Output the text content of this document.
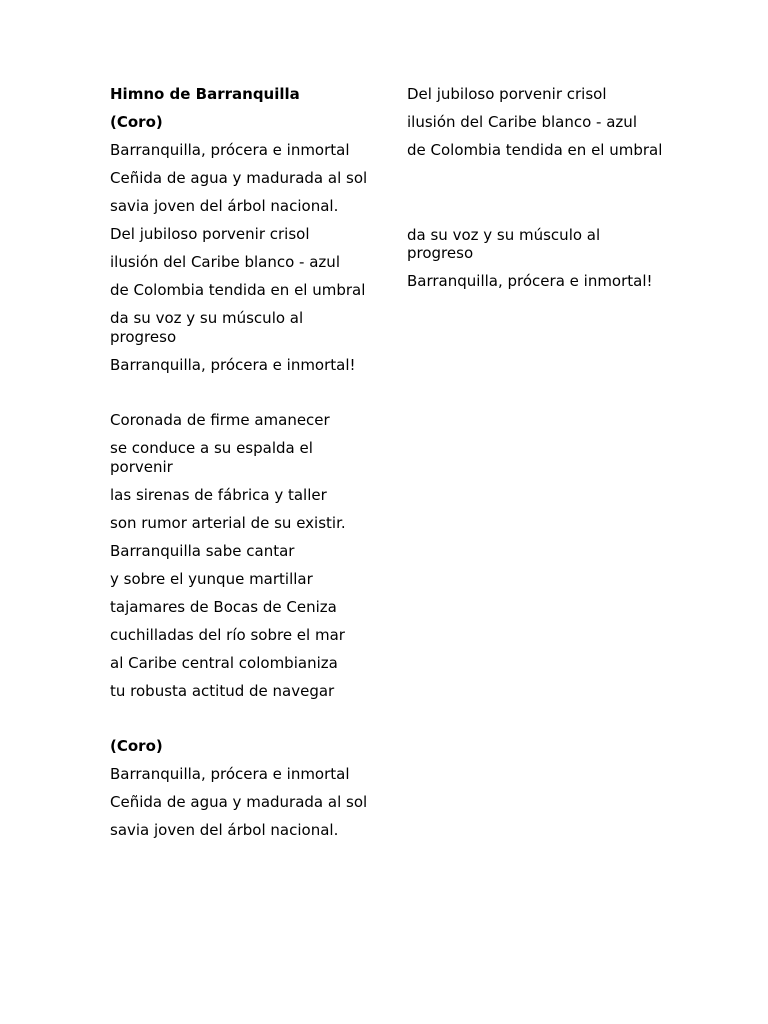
Himno de Barranquilla
(Coro)
Barranquilla, prócera e inmortal
Ceñida de agua y madurada al sol
savia joven del árbol nacional.
Del jubiloso porvenir crisol
ilusión del Caribe blanco - azul
de Colombia tendida en el umbral
da su voz y su músculo al progreso
Barranquilla, prócera e inmortal!
Coronada de firme amanecer
se conduce a su espalda el porvenir
las sirenas de fábrica y taller
son rumor arterial de su existir.
Barranquilla sabe cantar
y sobre el yunque martillar
tajamares de Bocas de Ceniza
cuchilladas del río sobre el mar
al Caribe central colombianiza
tu robusta actitud de navegar
(Coro)
Barranquilla, prócera e inmortal
Ceñida de agua y madurada al sol
savia joven del árbol nacional.
Del jubiloso porvenir crisol
ilusión del Caribe blanco - azul
de Colombia tendida en el umbral
da su voz y su músculo al progreso
Barranquilla, prócera e inmortal!
